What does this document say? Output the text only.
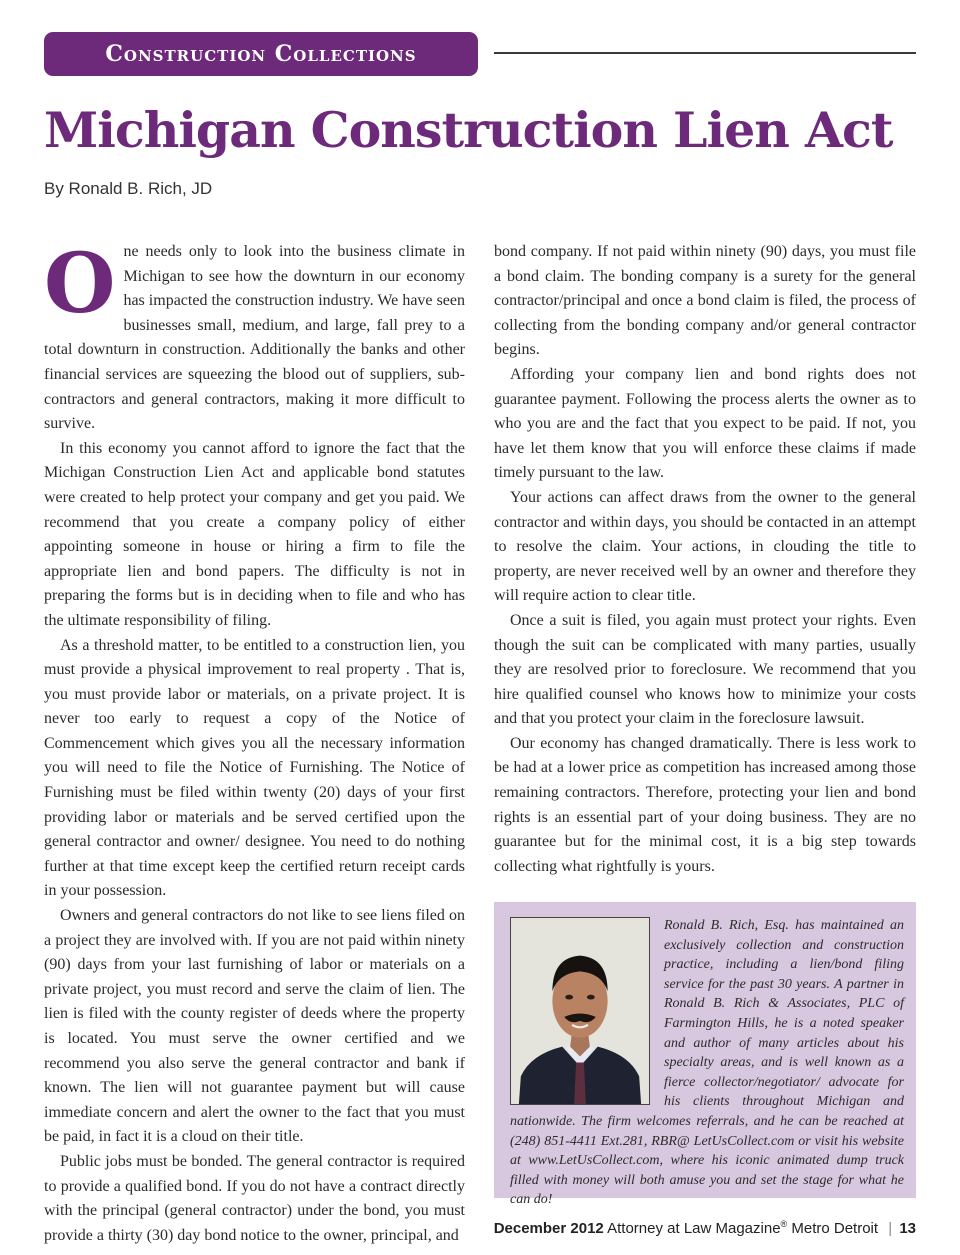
Construction Collections
Michigan Construction Lien Act
By Ronald B. Rich, JD

One needs only to look into the business climate in Michigan to see how the downturn in our economy has impacted the construction industry. We have seen businesses small, medium, and large, fall prey to a total downturn in construction. Additionally the banks and other financial services are squeezing the blood out of suppliers, sub-contractors and general contractors, making it more difficult to survive.

In this economy you cannot afford to ignore the fact that the Michigan Construction Lien Act and applicable bond statutes were created to help protect your company and get you paid. We recommend that you create a company policy of either appointing someone in house or hiring a firm to file the appropriate lien and bond papers. The difficulty is not in preparing the forms but is in deciding when to file and who has the ultimate responsibility of filing.

As a threshold matter, to be entitled to a construction lien, you must provide a physical improvement to real property . That is, you must provide labor or materials, on a private project. It is never too early to request a copy of the Notice of Commencement which gives you all the necessary information you will need to file the Notice of Furnishing. The Notice of Furnishing must be filed within twenty (20) days of your first providing labor or materials and be served certified upon the general contractor and owner/ designee. You need to do nothing further at that time except keep the certified return receipt cards in your possession.

Owners and general contractors do not like to see liens filed on a project they are involved with. If you are not paid within ninety (90) days from your last furnishing of labor or materials on a private project, you must record and serve the claim of lien. The lien is filed with the county register of deeds where the property is located. You must serve the owner certified and we recommend you also serve the general contractor and bank if known. The lien will not guarantee payment but will cause immediate concern and alert the owner to the fact that you must be paid, in fact it is a cloud on their title.

Public jobs must be bonded. The general contractor is required to provide a qualified bond. If you do not have a contract directly with the principal (general contractor) under the bond, you must provide a thirty (30) day bond notice to the owner, principal, and

bond company. If not paid within ninety (90) days, you must file a bond claim. The bonding company is a surety for the general contractor/principal and once a bond claim is filed, the process of collecting from the bonding company and/or general contractor begins.

Affording your company lien and bond rights does not guarantee payment. Following the process alerts the owner as to who you are and the fact that you expect to be paid. If not, you have let them know that you will enforce these claims if made timely pursuant to the law.

Your actions can affect draws from the owner to the general contractor and within days, you should be contacted in an attempt to resolve the claim. Your actions, in clouding the title to property, are never received well by an owner and therefore they will require action to clear title.

Once a suit is filed, you again must protect your rights. Even though the suit can be complicated with many parties, usually they are resolved prior to foreclosure. We recommend that you hire qualified counsel who knows how to minimize your costs and that you protect your claim in the foreclosure lawsuit.

Our economy has changed dramatically. There is less work to be had at a lower price as competition has increased among those remaining contractors. Therefore, protecting your lien and bond rights is an essential part of your doing business. They are no guarantee but for the minimal cost, it is a big step towards collecting what rightfully is yours.

Ronald B. Rich, Esq. has maintained an exclusively collection and construction practice, including a lien/bond filing service for the past 30 years. A partner in Ronald B. Rich & Associates, PLC of Farmington Hills, he is a noted speaker and author of many articles about his specialty areas, and is well known as a fierce collector/negotiator/ advocate for his clients throughout Michigan and nationwide. The firm welcomes referrals, and he can be reached at (248) 851-4411 Ext.281, RBR@ LetUsCollect.com or visit his website at www.LetUsCollect.com, where his iconic animated dump truck filled with money will both amuse you and set the stage for what he can do!

December 2012 Attorney at Law Magazine® Metro Detroit | 13
